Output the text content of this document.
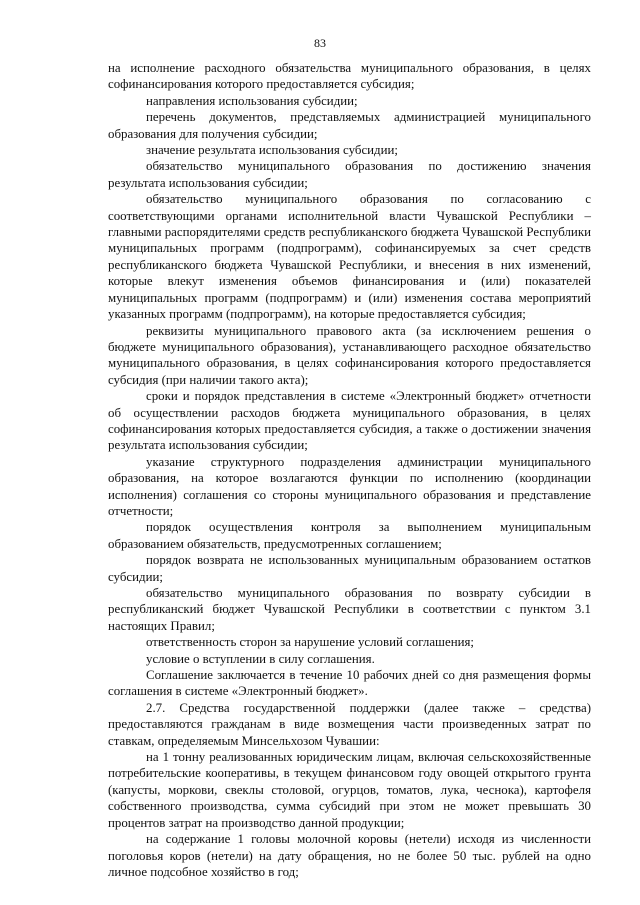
83

на исполнение расходного обязательства муниципального образования, в целях софинансирования которого предоставляется субсидия;

направления использования субсидии;

перечень документов, представляемых администрацией муниципального образования для получения субсидии;

значение результата использования субсидии;

обязательство муниципального образования по достижению значения результата использования субсидии;

обязательство муниципального образования по согласованию с соответствующими органами исполнительной власти Чувашской Республики – главными распорядителями средств республиканского бюджета Чувашской Республики муниципальных программ (подпрограмм), софинансируемых за счет средств республиканского бюджета Чувашской Республики, и внесения в них изменений, которые влекут изменения объемов финансирования и (или) показателей муниципальных программ (подпрограмм) и (или) изменения состава мероприятий указанных программ (подпрограмм), на которые предоставляется субсидия;

реквизиты муниципального правового акта (за исключением решения о бюджете муниципального образования), устанавливающего расходное обязательство муниципального образования, в целях софинансирования которого предоставляется субсидия (при наличии такого акта);

сроки и порядок представления в системе «Электронный бюджет» отчетности об осуществлении расходов бюджета муниципального образования, в целях софинансирования которых предоставляется субсидия, а также о достижении значения результата использования субсидии;

указание структурного подразделения администрации муниципального образования, на которое возлагаются функции по исполнению (координации исполнения) соглашения со стороны муниципального образования и представление отчетности;

порядок осуществления контроля за выполнением муниципальным образованием обязательств, предусмотренных соглашением;

порядок возврата не использованных муниципальным образованием остатков субсидии;

обязательство муниципального образования по возврату субсидии в республиканский бюджет Чувашской Республики в соответствии с пунктом 3.1 настоящих Правил;

ответственность сторон за нарушение условий соглашения;

условие о вступлении в силу соглашения.

Соглашение заключается в течение 10 рабочих дней со дня размещения формы соглашения в системе «Электронный бюджет».

2.7. Средства государственной поддержки (далее также – средства) предоставляются гражданам в виде возмещения части произведенных затрат по ставкам, определяемым Минсельхозом Чувашии:

на 1 тонну реализованных юридическим лицам, включая сельскохозяйственные потребительские кооперативы, в текущем финансовом году овощей открытого грунта (капусты, моркови, свеклы столовой, огурцов, томатов, лука, чеснока), картофеля собственного производства, сумма субсидий при этом не может превышать 30 процентов затрат на производство данной продукции;

на содержание 1 головы молочной коровы (нетели) исходя из численности поголовья коров (нетели) на дату обращения, но не более 50 тыс. рублей на одно личное подсобное хозяйство в год;
